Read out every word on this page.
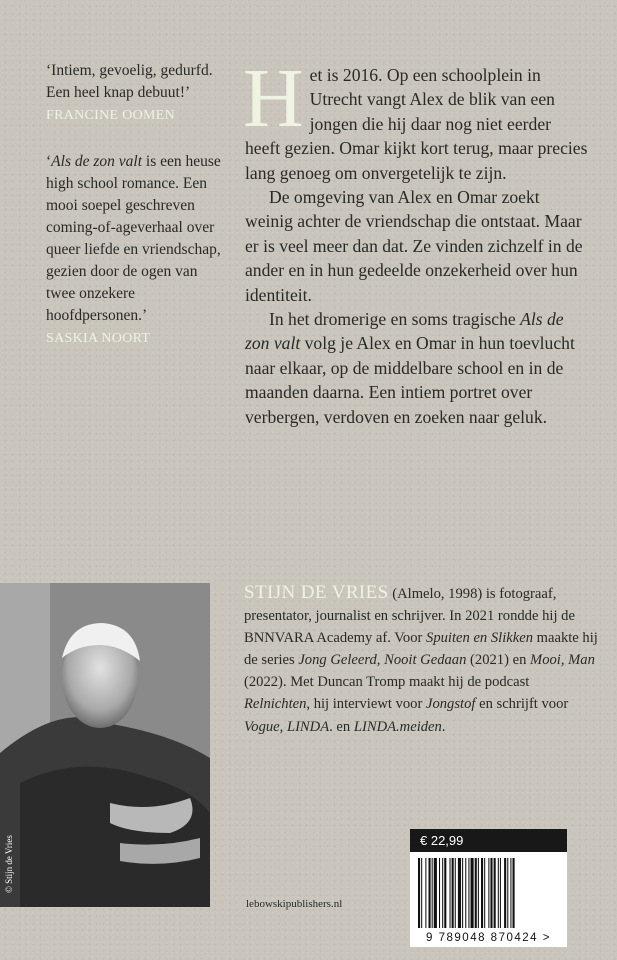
‘Intiem, gevoelig, gedurfd. Een heel knap debuut!’
FRANCINE OOMEN

‘Als de zon valt is een heuse high school romance. Een mooi soepel geschreven coming-of-ageverhaal over queer liefde en vriendschap, gezien door de ogen van twee onzekere hoofdpersonen.’
SASKIA NOORT

Het is 2016. Op een schoolplein in Utrecht vangt Alex de blik van een jongen die hij daar nog niet eerder heeft gezien. Omar kijkt kort terug, maar precies lang genoeg om onvergetelijk te zijn.

De omgeving van Alex en Omar zoekt weinig achter de vriendschap die ontstaat. Maar er is veel meer dan dat. Ze vinden zichzelf in de ander en in hun gedeelde onzekerheid over hun identiteit.

In het dromerige en soms tragische Als de zon valt volg je Alex en Omar in hun toevlucht naar elkaar, op de middelbare school en in de maanden daarna. Een intiem portret over verbergen, verdoven en zoeken naar geluk.

© Stijn de Vries

STIJN DE VRIES (Almelo, 1998) is fotograaf, presentator, journalist en schrijver. In 2021 rondde hij de BNNVARA Academy af. Voor Spuiten en Slikken maakte hij de series Jong Geleerd, Nooit Gedaan (2021) en Mooi, Man (2022). Met Duncan Tromp maakt hij de podcast Relnichten, hij interviewt voor Jongstof en schrijft voor Vogue, LINDA. en LINDA.meiden.

lebowskipublishers.nl
€ 22,99
9 789048 870424 >
